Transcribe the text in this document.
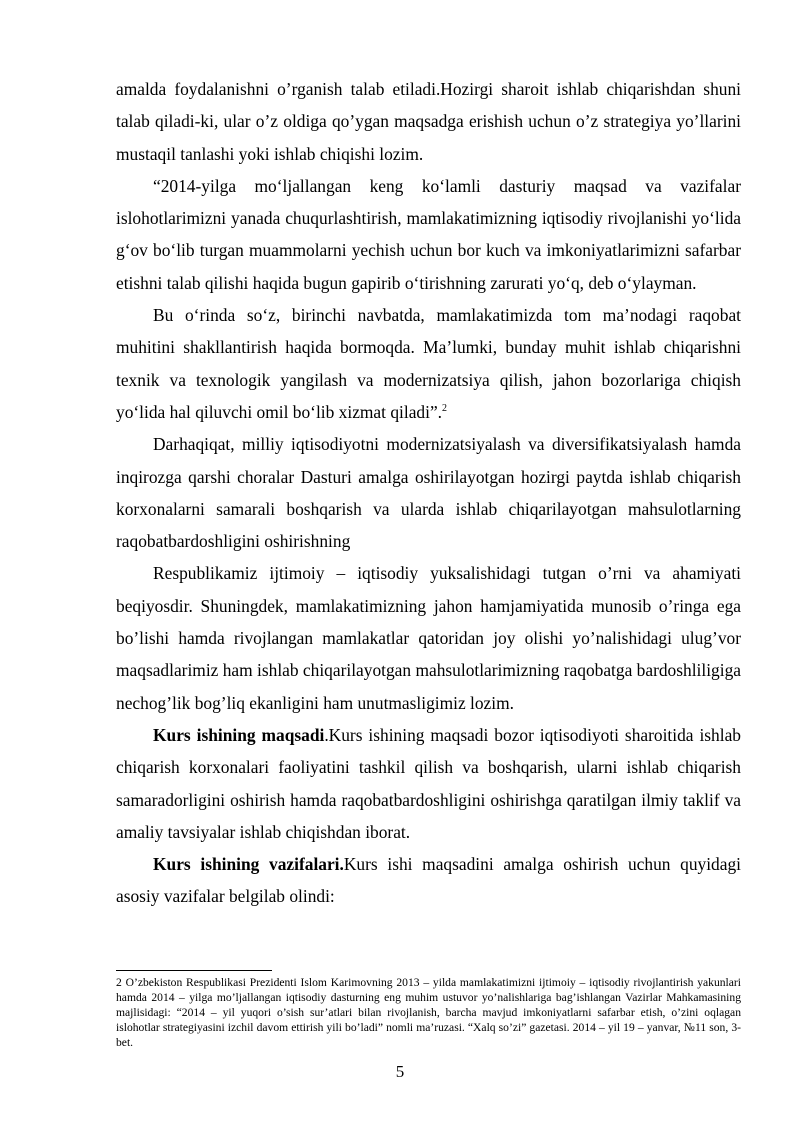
amalda foydalanishni o’rganish talab etiladi.Hozirgi sharoit ishlab chiqarishdan shuni talab qiladi-ki, ular o’z oldiga qo’ygan maqsadga erishish uchun o’z strategiya yo’llarini mustaqil tanlashi yoki ishlab chiqishi lozim.

“2014-yilga mo‘ljallangan keng ko‘lamli dasturiy maqsad va vazifalar islohotlarimizni yanada chuqurlashtirish, mamlakatimizning iqtisodiy rivojlanishi yo‘lida g‘ov bo‘lib turgan muammolarni yechish uchun bor kuch va imkoniyatlarimizni safarbar etishni talab qilishi haqida bugun gapirib o‘tirishning zarurati yo‘q, deb o‘ylayman.

Bu o‘rinda so‘z, birinchi navbatda, mamlakatimizda tom ma’nodagi raqobat muhitini shakllantirish haqida bormoqda. Ma’lumki, bunday muhit ishlab chiqarishni texnik va texnologik yangilash va modernizatsiya qilish, jahon bozorlariga chiqish yo‘lida hal qiluvchi omil bo‘lib xizmat qiladi”.$^2$

Darhaqiqat, milliy iqtisodiyotni modernizatsiyalash va diversifikatsiyalash hamda inqirozga qarshi choralar Dasturi amalga oshirilayotgan hozirgi paytda ishlab chiqarish korxonalarni samarali boshqarish va ularda ishlab chiqarilayotgan mahsulotlarning raqobatbardoshligini oshirishning

Respublikamiz ijtimoiy – iqtisodiy yuksalishidagi tutgan o’rni va ahamiyati beqiyosdir. Shuningdek, mamlakatimizning jahon hamjamiyatida munosib o’ringa ega bo’lishi hamda rivojlangan mamlakatlar qatoridan joy olishi yo’nalishidagi ulug’vor maqsadlarimiz ham ishlab chiqarilayotgan mahsulotlarimizning raqobatga bardoshliligiga nechog’lik bog’liq ekanligini ham unutmasligimiz lozim.

Kurs ishining maqsadi.Kurs ishining maqsadi bozor iqtisodiyoti sharoitida ishlab chiqarish korxonalari faoliyatini tashkil qilish va boshqarish, ularni ishlab chiqarish samaradorligini oshirish hamda raqobatbardoshligini oshirishga qaratilgan ilmiy taklif va amaliy tavsiyalar ishlab chiqishdan iborat.

Kurs ishining vazifalari.Kurs ishi maqsadini amalga oshirish uchun quyidagi asosiy vazifalar belgilab olindi:

2 O’zbekiston Respublikasi Prezidenti Islom Karimovning 2013 – yilda mamlakatimizni ijtimoiy – iqtisodiy rivojlantirish yakunlari hamda 2014 – yilga mo’ljallangan iqtisodiy dasturning eng muhim ustuvor yo’nalishlariga bag’ishlangan Vazirlar Mahkamasining majlisidagi: “2014 – yil yuqori o’sish sur’atlari bilan rivojlanish, barcha mavjud imkoniyatlarni safarbar etish, o’zini oqlagan islohotlar strategiyasini izchil davom ettirish yili bo’ladi” nomli ma’ruzasi. “Xalq so’zi” gazetasi. 2014 – yil 19 – yanvar, №11 son, 3-bet.

5
